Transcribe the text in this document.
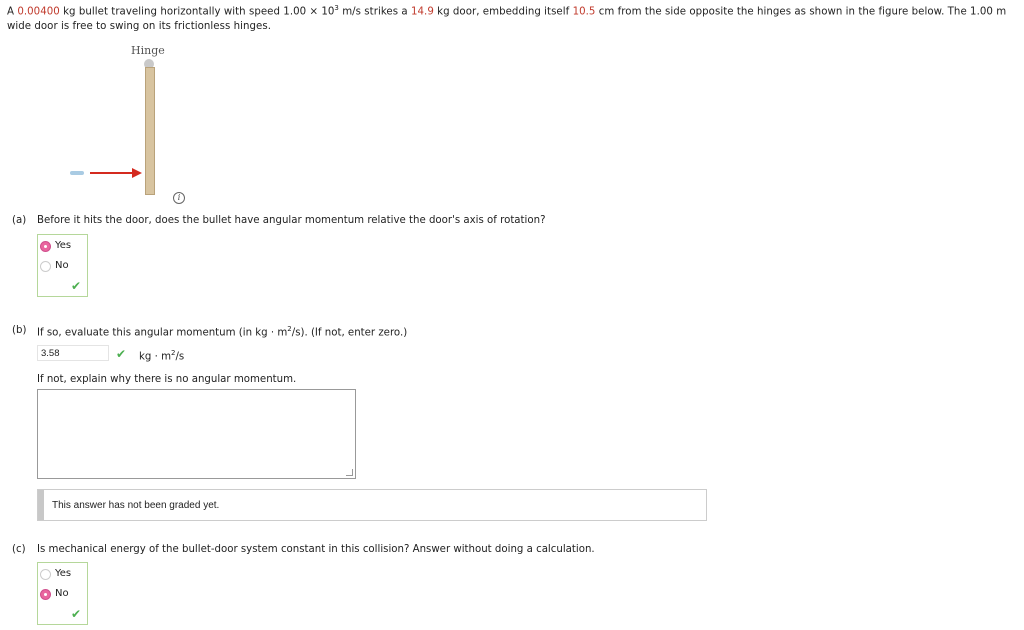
A 0.00400 kg bullet traveling horizontally with speed $1.00 \times 10^3$ m/s strikes a 14.9 kg door, embedding itself 10.5 cm from the side opposite the hinges as shown in the figure below. The 1.00 m wide door is free to swing on its frictionless hinges.
Hinge
i
(a) Before it hits the door, does the bullet have angular momentum relative the door's axis of rotation?
Yes
No
✔
(b) If so, evaluate this angular momentum (in kg · $m^2/s$). (If not, enter zero.)
3.58	✔ kg · $m^2/s$
If not, explain why there is no angular momentum.
This answer has not been graded yet.
(c) Is mechanical energy of the bullet-door system constant in this collision? Answer without doing a calculation.
Yes
No
✔
